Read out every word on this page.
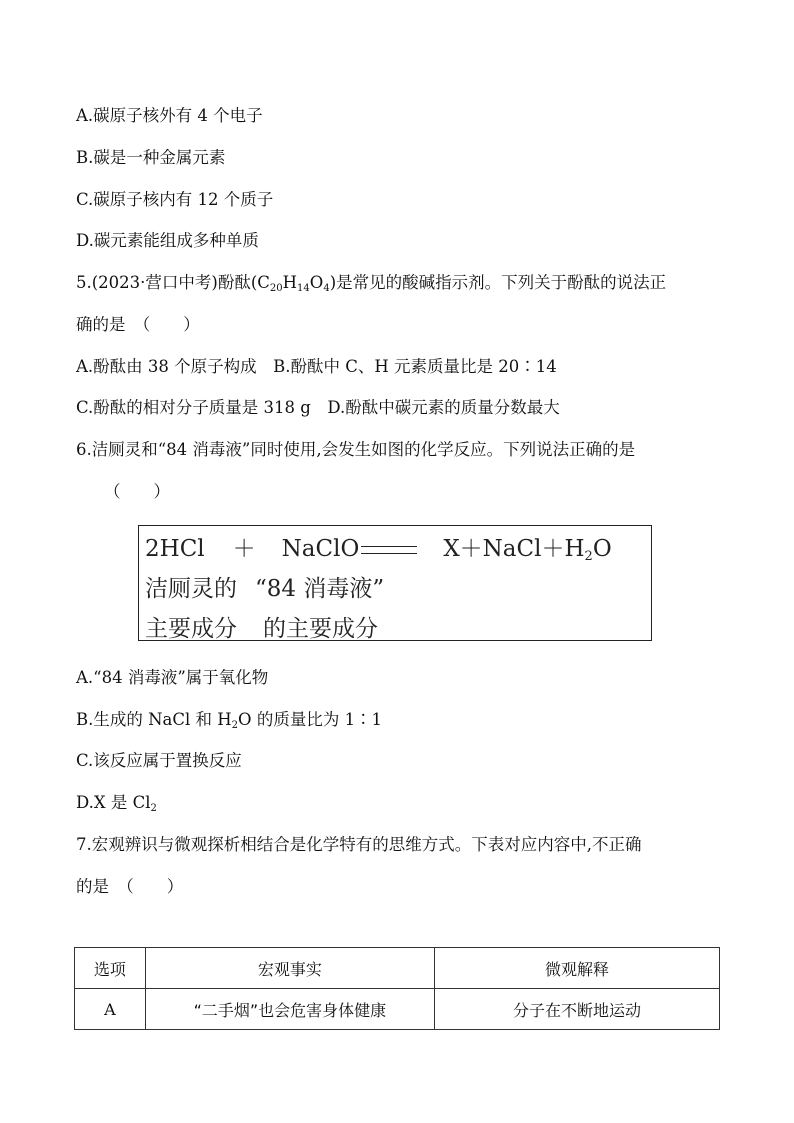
A.碳原子核外有 4 个电子
B.碳是一种金属元素
C.碳原子核内有 12 个质子
D.碳元素能组成多种单质
5.(2023·营口中考)酚酞$(C_{20}H_{14}O_4)$是常见的酸碱指示剂。下列关于酚酞的说法正
确的是　（　　）
A.酚酞由 38 个原子构成　B.酚酞中 C、H 元素质量比是 20∶14
C.酚酞的相对分子质量是 318 g　D.酚酞中碳元素的质量分数最大
6.洁厕灵和“84 消毒液”同时使用,会发生如图的化学反应。下列说法正确的是
（　　）
2HCl ＋ NaClO	$X+NaCl+H_2O$
洁厕灵的 “84 消毒液”
主要成分 的主要成分
A.“84 消毒液”属于氧化物
B.生成的 NaCl 和 $H_2O$ 的质量比为 1∶1
C.该反应属于置换反应
D.X 是 $Cl_2$
7.宏观辨识与微观探析相结合是化学特有的思维方式。下表对应内容中,不正确
的是　（　　）
选项	宏观事实	微观解释
A	“二手烟”也会危害身体健康	分子在不断地运动
